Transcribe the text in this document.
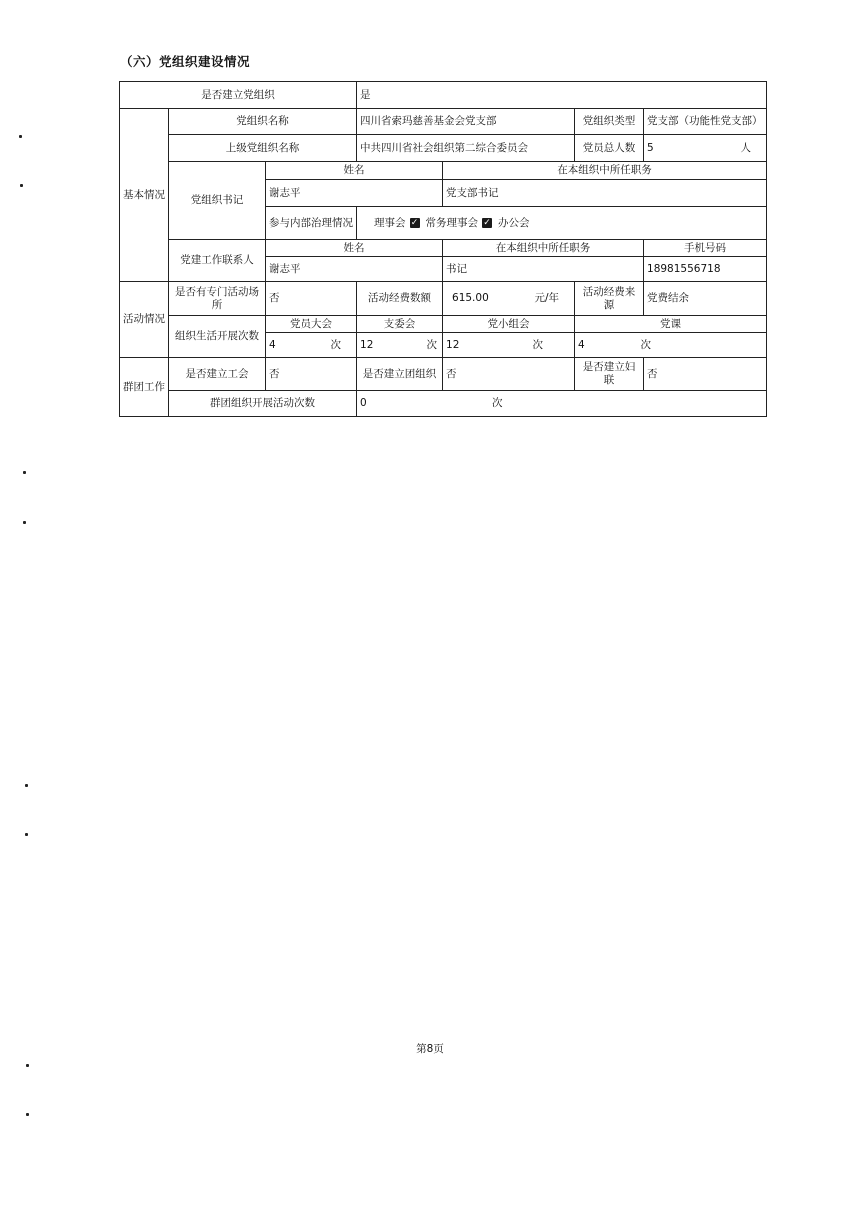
（六）党组织建设情况
是否建立党组织			是			
基本情况	党组织名称		四川省索玛慈善基金会党支部		党组织类型	党支部（功能性党支部）
	上级党组织名称		中共四川省社会组织第二综合委员会		党员总人数	5 人

	党组织书记	姓名		在本组织中所任职务		
		谢志平		党支部书记		
		参与内部治理情况	理事会 ✓ 常务理事会 ✓ 办公会			

	党建工作联系人	姓名		在本组织中所任职务		手机号码
		谢志平		书记		18981556718
活动情况	是否有专门活动场所	否	活动经费数额	615.00 元/年	活动经费来源	党费结余
	组织生活开展次数	党员大会	支委会	党小组会	党课	

		4 次	12 次	12 次	4 次	

群团工作	是否建立工会	否	是否建立团组织	否	是否建立妇联	否
	群团组织开展活动次数		0 次			
第8页
